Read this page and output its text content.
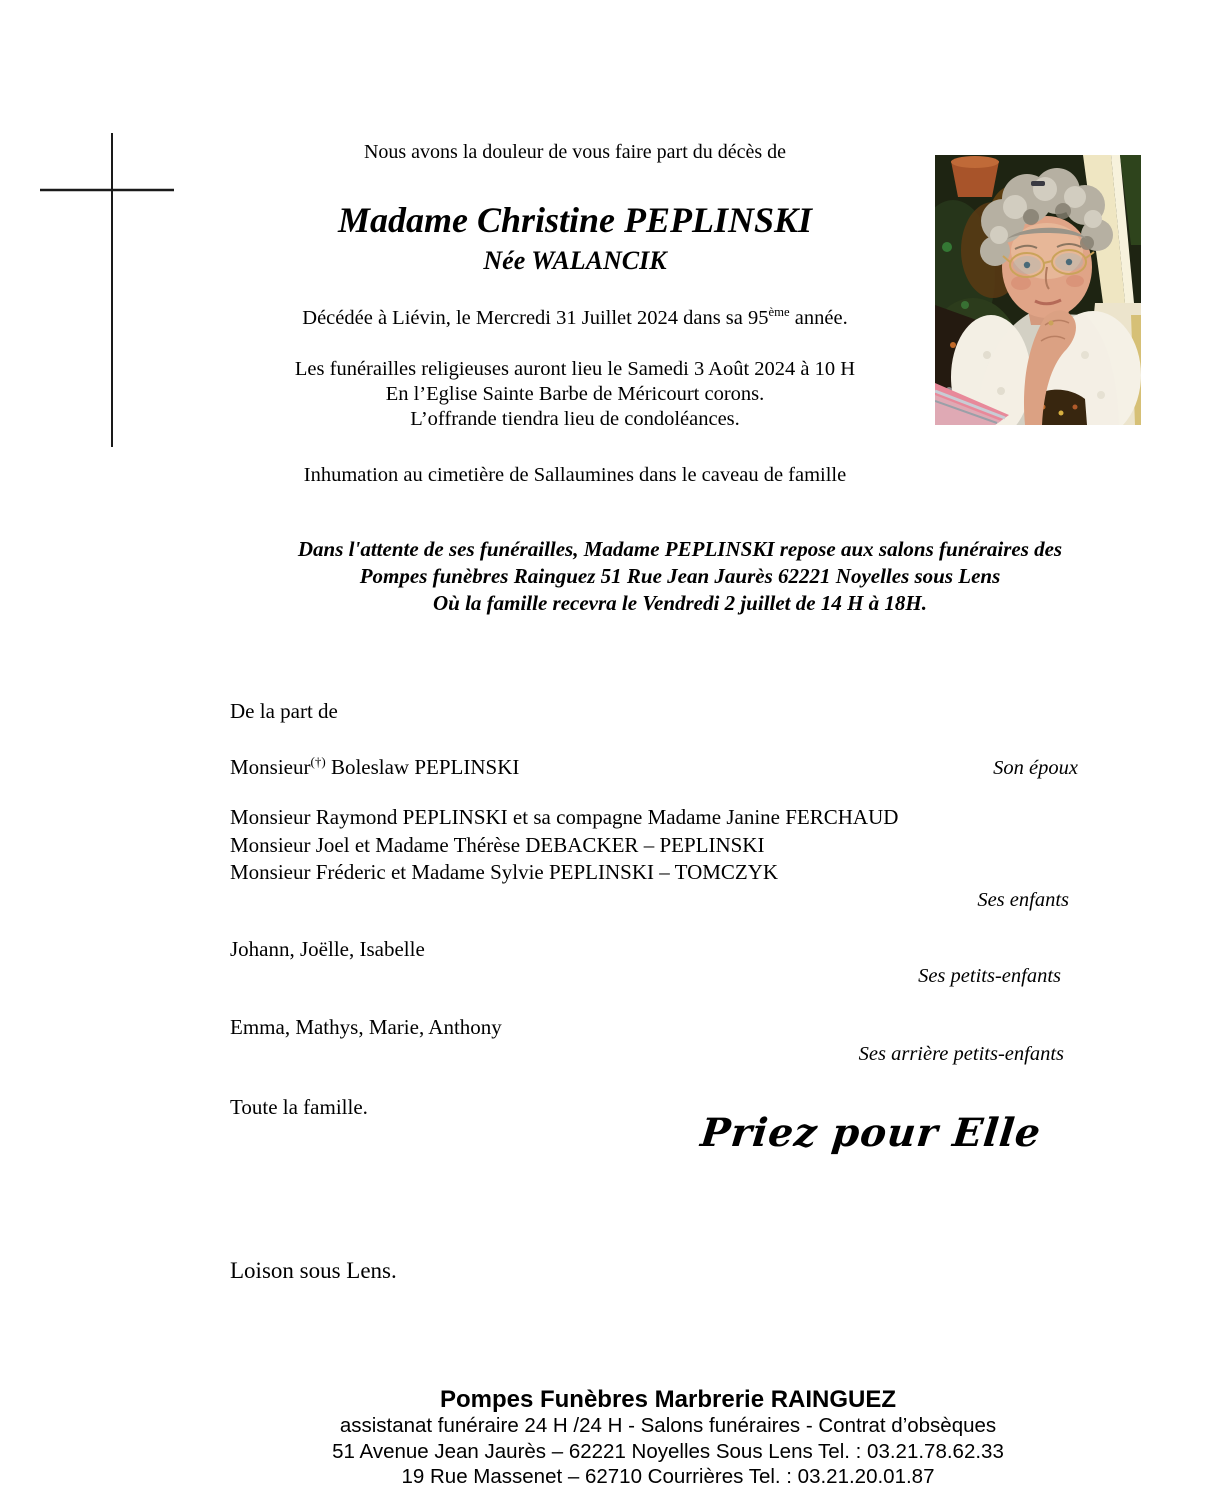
Nous avons la douleur de vous faire part du décès de
Madame Christine PEPLINSKI
Née WALANCIK
Décédée à Liévin, le Mercredi 31 Juillet 2024 dans sa 95ème année.
Les funérailles religieuses auront lieu le Samedi 3 Août 2024 à 10 H
En l’Eglise Sainte Barbe de Méricourt corons.
L’offrande tiendra lieu de condoléances.
Inhumation au cimetière de Sallaumines dans le caveau de famille
Dans l'attente de ses funérailles, Madame PEPLINSKI repose aux salons funéraires des
Pompes funèbres Rainguez 51 Rue Jean Jaurès 62221 Noyelles sous Lens
Où la famille recevra le Vendredi 2 juillet de 14 H à 18H.
De la part de
Monsieur(†) Boleslaw PEPLINSKI	Son époux
Monsieur Raymond PEPLINSKI et sa compagne Madame Janine FERCHAUD
Monsieur Joel et Madame Thérèse DEBACKER – PEPLINSKI
Monsieur Fréderic et Madame Sylvie PEPLINSKI – TOMCZYK
Ses enfants
Johann, Joëlle, Isabelle
Ses petits-enfants
Emma, Mathys, Marie, Anthony
Ses arrière petits-enfants
Toute la famille.
Priez pour Elle
Loison sous Lens.
Pompes Funèbres Marbrerie RAINGUEZ
assistanat funéraire 24 H /24 H - Salons funéraires - Contrat d’obsèques
51 Avenue Jean Jaurès – 62221 Noyelles Sous Lens Tel. : 03.21.78.62.33
19 Rue Massenet – 62710 Courrières Tel. : 03.21.20.01.87
